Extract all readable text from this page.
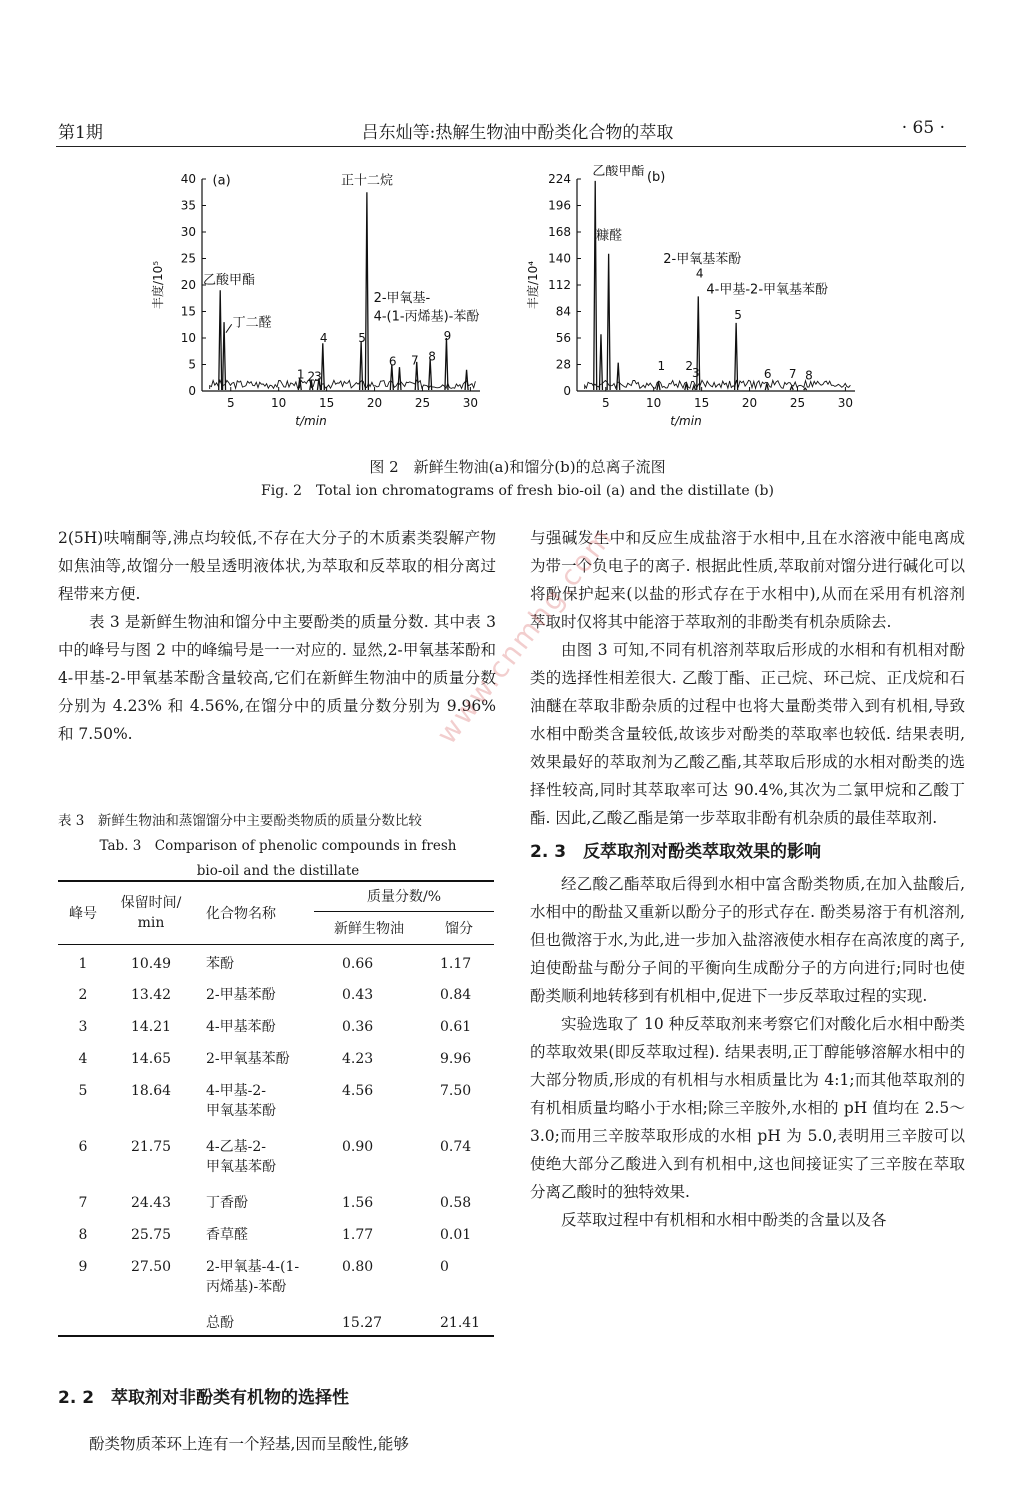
第1期	吕东灿等:热解生物油中酚类化合物的萃取	· 65 ·
0
5
10
15
20
25
30
35
40
5	10	15	20	25	30
t/min
丰度/10⁵
(a)	正十二烷
乙酸甲酯
丁二醛
2-甲氧基-
4-(1-丙烯基)-苯酚
1 2 3
4	5
6 7 8
9
0
28
56
84
112
140
168
196
224
5	10	15	20	25	30
t/min
丰度/10⁴
(b)
乙酸甲酯
糠醛
2-甲氧基苯酚
4-甲基-2-甲氧基苯酚
1 2 3
4
5
6 7 8
图 2　新鲜生物油(a)和馏分(b)的总离子流图
Fig. 2　Total ion chromatograms of fresh bio-oil (a) and the distillate (b)

2(5H)呋喃酮等,沸点均较低,不存在大分子的木质素类裂解产物如焦油等,故馏分一般呈透明液体状,为萃取和反萃取的相分离过程带来方便.

表 3 是新鲜生物油和馏分中主要酚类的质量分数. 其中表 3 中的峰号与图 2 中的峰编号是一一对应的. 显然,2-甲氧基苯酚和 4-甲基-2-甲氧基苯酚含量较高,它们在新鲜生物油中的质量分数分别为 4.23% 和 4.56%,在馏分中的质量分数分别为 9.96% 和 7.50%.

表 3　新鲜生物油和蒸馏馏分中主要酚类物质的质量分数比较
Tab. 3　Comparison of phenolic compounds in fresh
bio-oil and the distillate
峰号	保留时间/
min	化合物名称	质量分数/%	
			新鲜生物油	馏分
1	10.49	苯酚	0.66	1.17
2	13.42	2-甲基苯酚	0.43	0.84
3	14.21	4-甲基苯酚	0.36	0.61
4	14.65	2-甲氧基苯酚	4.23	9.96
5	18.64	4-甲基-2-
甲氧基苯酚	4.56	7.50
6	21.75	4-乙基-2-
甲氧基苯酚	0.90	0.74
7	24.43	丁香酚	1.56	0.58
8	25.75	香草醛	1.77	0.01
9	27.50	2-甲氧基-4-(1-
丙烯基)-苯酚	0.80	0
		总酚	15.27	21.41
2. 2　萃取剂对非酚类有机物的选择性
酚类物质苯环上连有一个羟基,因而呈酸性,能够

与强碱发生中和反应生成盐溶于水相中,且在水溶液中能电离成为带一个负电子的离子. 根据此性质,萃取前对馏分进行碱化可以将酚保护起来(以盐的形式存在于水相中),从而在采用有机溶剂萃取时仅将其中能溶于萃取剂的非酚类有机杂质除去.

由图 3 可知,不同有机溶剂萃取后形成的水相和有机相对酚类的选择性相差很大. 乙酸丁酯、正己烷、环己烷、正戊烷和石油醚在萃取非酚杂质的过程中也将大量酚类带入到有机相,导致水相中酚类含量较低,故该步对酚类的萃取率也较低. 结果表明,效果最好的萃取剂为乙酸乙酯,其萃取后形成的水相对酚类的选择性较高,同时其萃取率可达 90.4%,其次为二氯甲烷和乙酸丁酯. 因此,乙酸乙酯是第一步萃取非酚有机杂质的最佳萃取剂.

2. 3　反萃取剂对酚类萃取效果的影响

经乙酸乙酯萃取后得到水相中富含酚类物质,在加入盐酸后,水相中的酚盐又重新以酚分子的形式存在. 酚类易溶于有机溶剂,但也微溶于水,为此,进一步加入盐溶液使水相存在高浓度的离子,迫使酚盐与酚分子间的平衡向生成酚分子的方向进行;同时也使酚类顺利地转移到有机相中,促进下一步反萃取过程的实现.

实验选取了 10 种反萃取剂来考察它们对酸化后水相中酚类的萃取效果(即反萃取过程). 结果表明,正丁醇能够溶解水相中的大部分物质,形成的有机相与水相质量比为 4:1;而其他萃取剂的有机相质量均略小于水相;除三辛胺外,水相的 pH 值均在 2.5～3.0;而用三辛胺萃取形成的水相 pH 为 5.0,表明用三辛胺可以使绝大部分乙酸进入到有机相中,这也间接证实了三辛胺在萃取分离乙酸时的独特效果.

反萃取过程中有机相和水相中酚类的含量以及各

www.cnmhg.com
